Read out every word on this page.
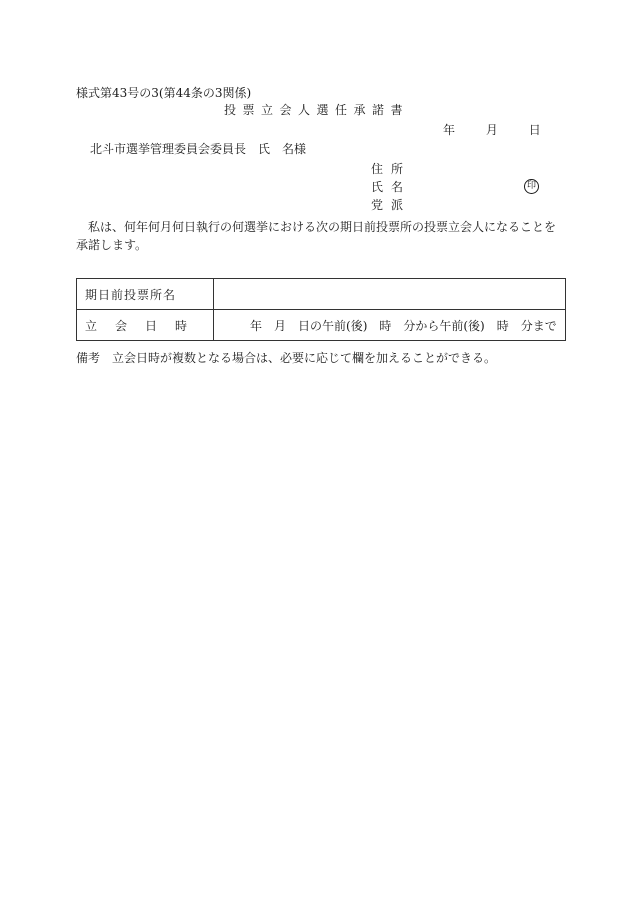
様式第43号の3(第44条の3関係)
投票立会人選任承諾書
年	月	日
北斗市選挙管理委員会委員長　氏　名様
住所
氏名	印
党派
私は、何年何月何日執行の何選挙における次の期日前投票所の投票立会人になることを承諾します。
期日前投票所名	
立会日時	年　月　日の午前(後)　時　分から午前(後)　時　分まで
備考 立会日時が複数となる場合は、必要に応じて欄を加えることができる。
